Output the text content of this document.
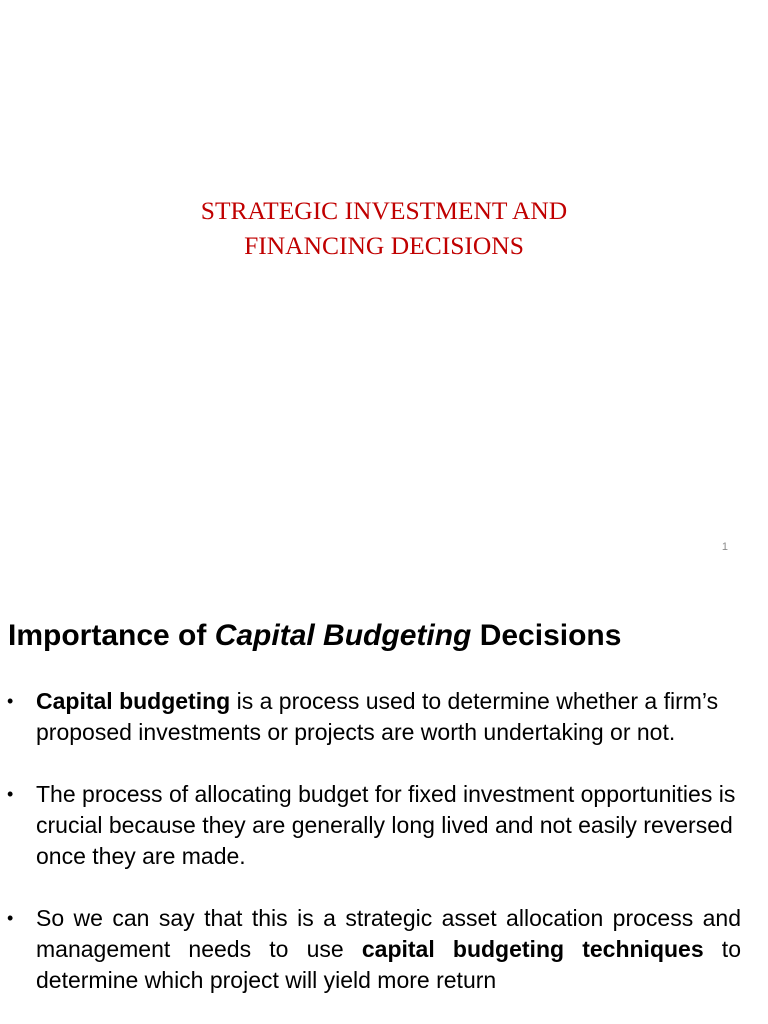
STRATEGIC INVESTMENT AND
FINANCING DECISIONS
1
Importance of Capital Budgeting Decisions
• Capital budgeting is a process used to determine whether a firm’s proposed investments or projects are worth undertaking or not.
• The process of allocating budget for fixed investment opportunities is crucial because they are generally long lived and not easily reversed once they are made.
• So we can say that this is a strategic asset allocation process and management needs to use capital budgeting techniques to determine which project will yield more return
